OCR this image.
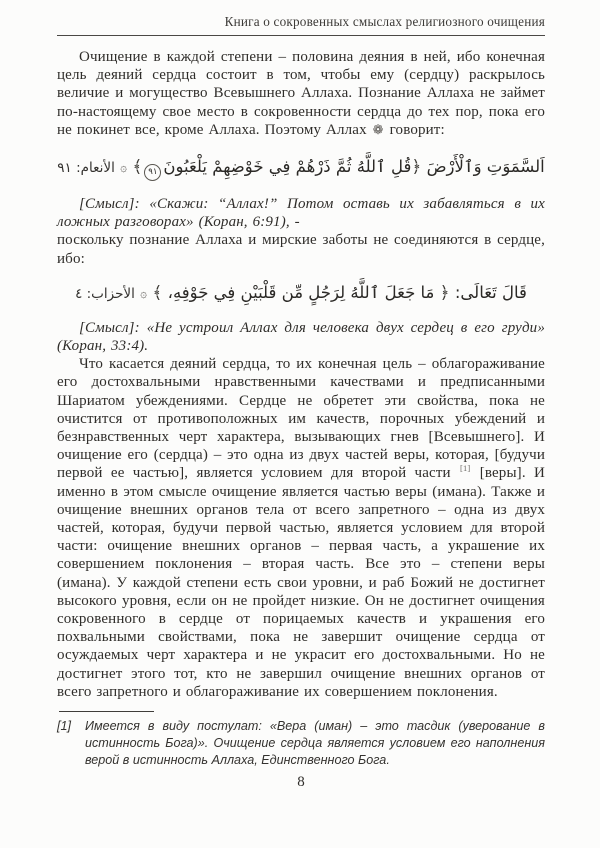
Книга о сокровенных смыслах религиозного очищения

Очищение в каждой степени – половина деяния в ней, ибо конечная цель деяний сердца состоит в том, чтобы ему (сердцу) раскрылось величие и могущество Всевышнего Аллаха. Познание Аллаха не займет по-настоящему свое место в сокровенности сердца до тех пор, пока его не покинет все, кроме Аллаха. Поэтому Аллах ❁ говорит:

اَلسَّمَوَتِ وَٱلْأَرْضَ ﴿قُلِ ٱللَّهُ ثُمَّ ذَرْهُمْ فِي خَوْضِهِمْ يَلْعَبُونَ٩١﴾ ۞ الأنعام: ٩١

[Смысл]: «Скажи: “Аллах!” Потом оставь их забавляться в их ложных разговорах» (Коран, 6:91), -

поскольку познание Аллаха и мирские заботы не соединяются в сердце, ибо:

قَالَ تَعَالَى: ﴿ مَا جَعَلَ ٱللَّهُ لِرَجُلٍ مِّن قَلْبَيْنِ فِي جَوْفِهِ، ﴾ ۞ الأحزاب: ٤

[Смысл]: «Не устроил Аллах для человека двух сердец в его груди» (Коран, 33:4).

Что касается деяний сердца, то их конечная цель – облагораживание его достохвальными нравственными качествами и предписанными Шариатом убеждениями. Сердце не обретет эти свойства, пока не очистится от противоположных им качеств, порочных убеждений и безнравственных черт характера, вызывающих гнев [Всевышнего]. И очищение его (сердца) – это одна из двух частей веры, которая, [будучи первой ее частью], является условием для второй части [1] [веры]. И именно в этом смысле очищение является частью веры (имана). Также и очищение внешних органов тела от всего запретного – одна из двух частей, которая, будучи первой частью, является условием для второй части: очищение внешних органов – первая часть, а украшение их совершением поклонения – вторая часть. Все это – степени веры (имана). У каждой степени есть свои уровни, и раб Божий не достигнет высокого уровня, если он не пройдет низкие. Он не достигнет очищения сокровенного в сердце от порицаемых качеств и украшения его похвальными свойствами, пока не завершит очищение сердца от осуждаемых черт характера и не украсит его достохвальными. Но не достигнет этого тот, кто не завершил очищение внешних органов от всего запретного и облагораживание их совершением поклонения.

[1]	Имеется в виду постулат: «Вера (иман) – это тасдик (уверование в истинность Бога)». Очищение сердца является условием его наполнения верой в истинность Аллаха, Единственного Бога.
8
